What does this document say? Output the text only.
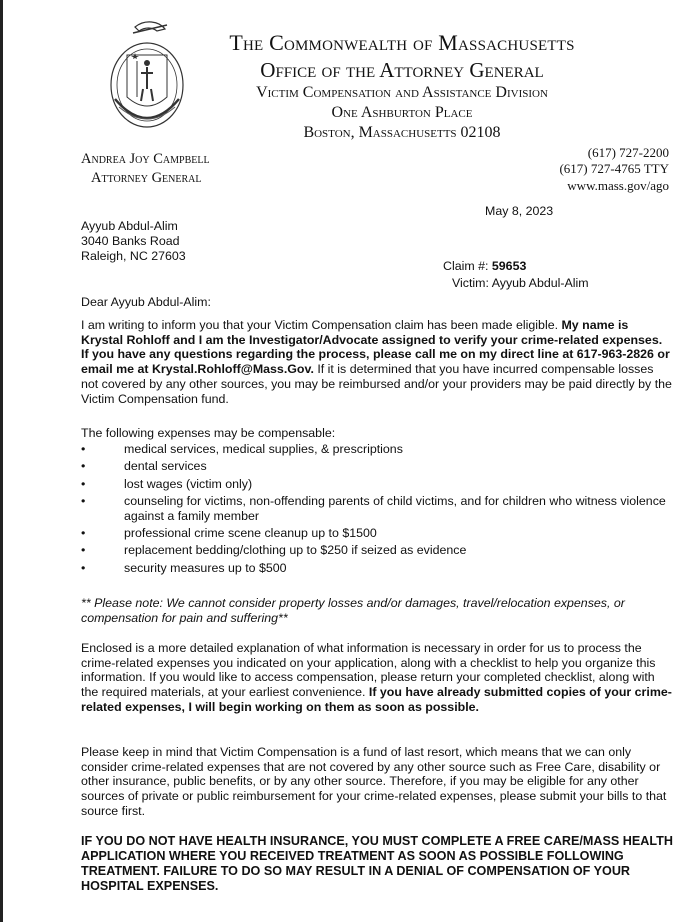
The Commonwealth of Massachusetts
Office of the Attorney General
Victim Compensation and Assistance Division
One Ashburton Place
Boston, Massachusetts 02108
Andrea Joy Campbell
Attorney General
(617) 727-2200
(617) 727-4765 TTY
www.mass.gov/ago
May 8, 2023
Ayyub Abdul-Alim
3040 Banks Road
Raleigh, NC 27603
Claim #: 59653
Victim: Ayyub Abdul-Alim
Dear Ayyub Abdul-Alim:
I am writing to inform you that your Victim Compensation claim has been made eligible. My name is Krystal Rohloff and I am the Investigator/Advocate assigned to verify your crime-related expenses. If you have any questions regarding the process, please call me on my direct line at 617-963-2826 or email me at Krystal.Rohloff@Mass.Gov. If it is determined that you have incurred compensable losses not covered by any other sources, you may be reimbursed and/or your providers may be paid directly by the Victim Compensation fund.
The following expenses may be compensable:
• medical services, medical supplies, & prescriptions
• dental services
• lost wages (victim only)
• counseling for victims, non-offending parents of child victims, and for children who witness violence against a family member
• professional crime scene cleanup up to $1500
• replacement bedding/clothing up to $250 if seized as evidence
• security measures up to $500
** Please note: We cannot consider property losses and/or damages, travel/relocation expenses, or compensation for pain and suffering**
Enclosed is a more detailed explanation of what information is necessary in order for us to process the crime-related expenses you indicated on your application, along with a checklist to help you organize this information. If you would like to access compensation, please return your completed checklist, along with the required materials, at your earliest convenience. If you have already submitted copies of your crime-related expenses, I will begin working on them as soon as possible.
Please keep in mind that Victim Compensation is a fund of last resort, which means that we can only consider crime-related expenses that are not covered by any other source such as Free Care, disability or other insurance, public benefits, or by any other source. Therefore, if you may be eligible for any other sources of private or public reimbursement for your crime-related expenses, please submit your bills to that source first.
IF YOU DO NOT HAVE HEALTH INSURANCE, YOU MUST COMPLETE A FREE CARE/MASS HEALTH APPLICATION WHERE YOU RECEIVED TREATMENT AS SOON AS POSSIBLE FOLLOWING TREATMENT. FAILURE TO DO SO MAY RESULT IN A DENIAL OF COMPENSATION OF YOUR HOSPITAL EXPENSES.
